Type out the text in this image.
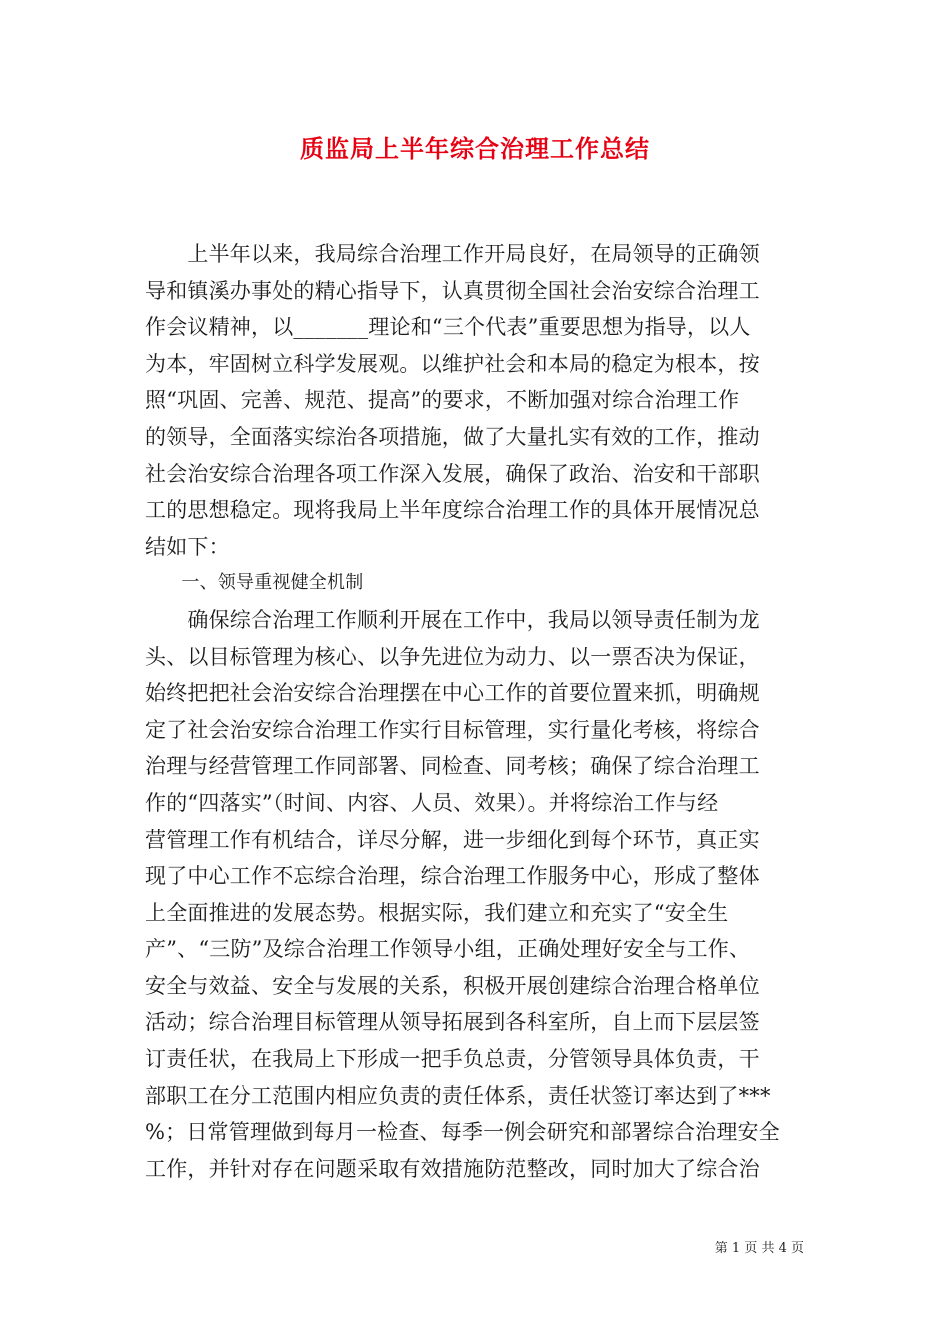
质监局上半年综合治理工作总结
　　上半年以来，我局综合治理工作开局良好，在局领导的正确领
导和镇溪办事处的精心指导下，认真贯彻全国社会治安综合治理工
作会议精神，以_______理论和“三个代表”重要思想为指导，以人
为本，牢固树立科学发展观。以维护社会和本局的稳定为根本，按
照“巩固、完善、规范、提高”的要求，不断加强对综合治理工作
的领导，全面落实综治各项措施，做了大量扎实有效的工作，推动
社会治安综合治理各项工作深入发展，确保了政治、治安和干部职
工的思想稳定。现将我局上半年度综合治理工作的具体开展情况总
结如下：
　　一、领导重视健全机制
　　确保综合治理工作顺利开展在工作中，我局以领导责任制为龙
头、以目标管理为核心、以争先进位为动力、以一票否决为保证，
始终把把社会治安综合治理摆在中心工作的首要位置来抓，明确规
定了社会治安综合治理工作实行目标管理，实行量化考核，将综合
治理与经营管理工作同部署、同检查、同考核；确保了综合治理工
作的“四落实”（时间、内容、人员、效果）。并将综治工作与经
营管理工作有机结合，详尽分解，进一步细化到每个环节，真正实
现了中心工作不忘综合治理，综合治理工作服务中心，形成了整体
上全面推进的发展态势。根据实际，我们建立和充实了“安全生
产”、“三防”及综合治理工作领导小组，正确处理好安全与工作、
安全与效益、安全与发展的关系，积极开展创建综合治理合格单位
活动；综合治理目标管理从领导拓展到各科室所，自上而下层层签
订责任状，在我局上下形成一把手负总责，分管领导具体负责，干
部职工在分工范围内相应负责的责任体系，责任状签订率达到了***
%；日常管理做到每月一检查、每季一例会研究和部署综合治理安全
工作，并针对存在问题采取有效措施防范整改，同时加大了综合治
第 1 页 共 4 页
